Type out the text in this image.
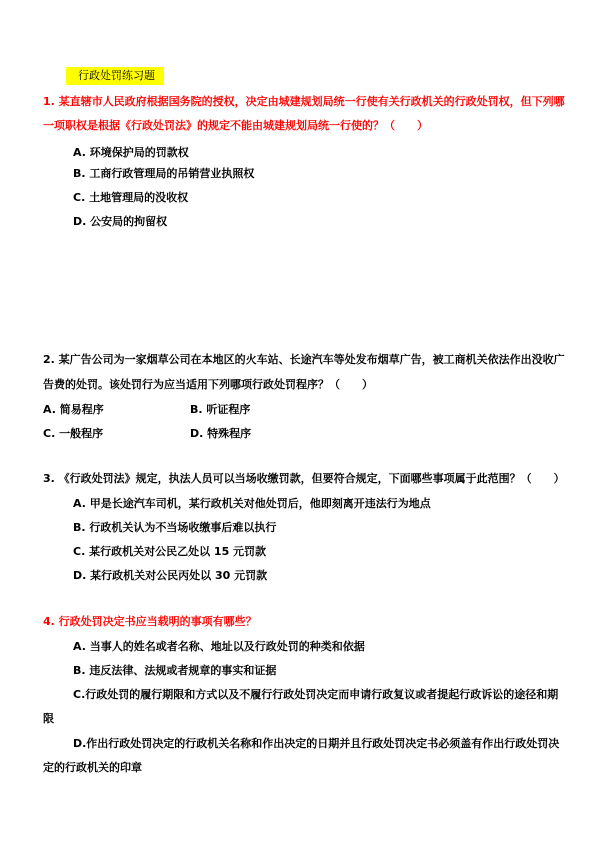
行政处罚练习题
1. 某直辖市人民政府根据国务院的授权，决定由城建规划局统一行使有关行政机关的行政处罚权，但下列哪
一项职权是根据《行政处罚法》的规定不能由城建规划局统一行使的？（　　）
A. 环境保护局的罚款权
B. 工商行政管理局的吊销营业执照权
C. 土地管理局的没收权
D. 公安局的拘留权
2. 某广告公司为一家烟草公司在本地区的火车站、长途汽车等处发布烟草广告，被工商机关依法作出没收广
告费的处罚。该处罚行为应当适用下列哪项行政处罚程序？（　　）
A. 简易程序	B. 听证程序
C. 一般程序	D. 特殊程序
3. 《行政处罚法》规定，执法人员可以当场收缴罚款，但要符合规定，下面哪些事项属于此范围？（　　）
A. 甲是长途汽车司机，某行政机关对他处罚后，他即刻离开违法行为地点
B. 行政机关认为不当场收缴事后难以执行
C. 某行政机关对公民乙处以 15 元罚款
D. 某行政机关对公民丙处以 30 元罚款
4. 行政处罚决定书应当载明的事项有哪些？
A. 当事人的姓名或者名称、地址以及行政处罚的种类和依据
B. 违反法律、法规或者规章的事实和证据
C.行政处罚的履行期限和方式以及不履行行政处罚决定而申请行政复议或者提起行政诉讼的途径和期
限
D.作出行政处罚决定的行政机关名称和作出决定的日期并且行政处罚决定书必须盖有作出行政处罚决
定的行政机关的印章
